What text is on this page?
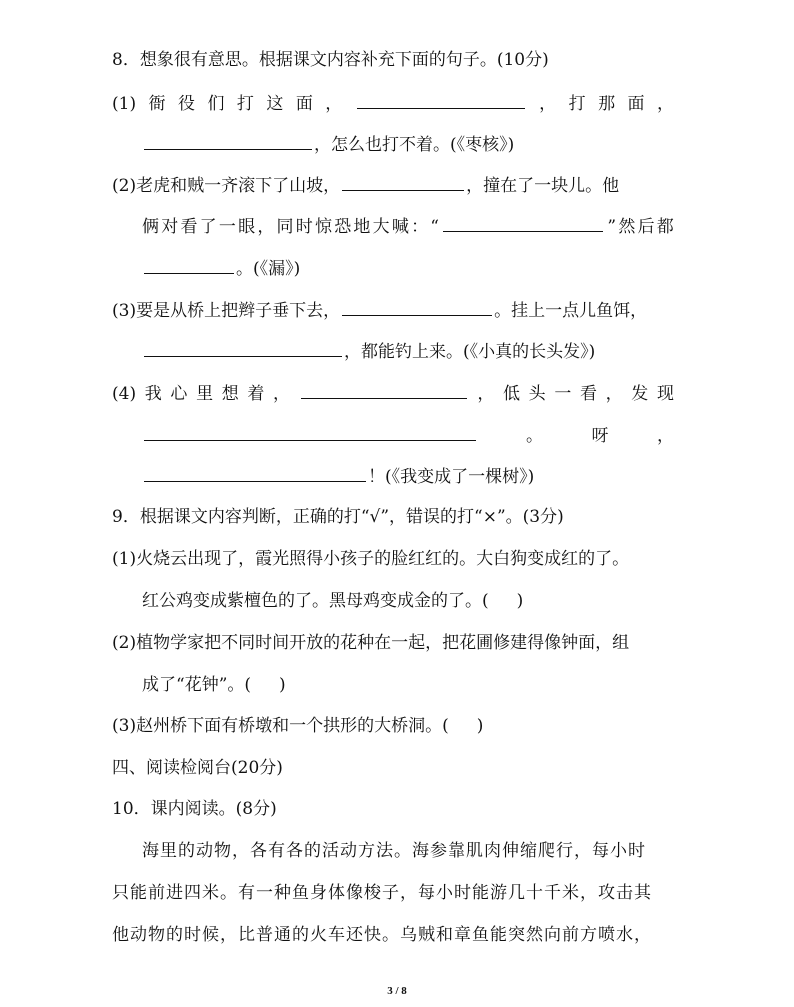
8．想象很有意思。根据课文内容补充下面的句子。(10分)
(1) 衙 役 们 打 这 面 ，	， 打 那 面 ，
，怎么也打不着。(《枣核》)
(2)老虎和贼一齐滚下了山坡，	，撞在了一块儿。他
俩 对 看 了 一 眼 ， 同 时 惊 恐 地 大 喊 ： “	” 然 后 都
。(《漏》)
(3)要是从桥上把辫子垂下去，	。挂上一点儿鱼饵，
，都能钓上来。(《小真的长头发》)
(4) 我 心 里 想 着 ，	， 低 头 一 看 ， 发 现
。	呀	，
！(《我变成了一棵树》)
9．根据课文内容判断，正确的打“√”，错误的打“×”。(3分)
(1)火烧云出现了，霞光照得小孩子的脸红红的。大白狗变成红的了。
红公鸡变成紫檀色的了。黑母鸡变成金的了。( )
(2)植物学家把不同时间开放的花种在一起，把花圃修建得像钟面，组
成了“花钟”。( )
(3)赵州桥下面有桥墩和一个拱形的大桥洞。( )
四、阅读检阅台(20分)
10．课内阅读。(8分)
海里的动物，各有各的活动方法。海参靠肌肉伸缩爬行，每小时
只能前进四米。有一种鱼身体像梭子，每小时能游几十千米，攻击其
他动物的时候，比普通的火车还快。乌贼和章鱼能突然向前方喷水，
3 / 8
